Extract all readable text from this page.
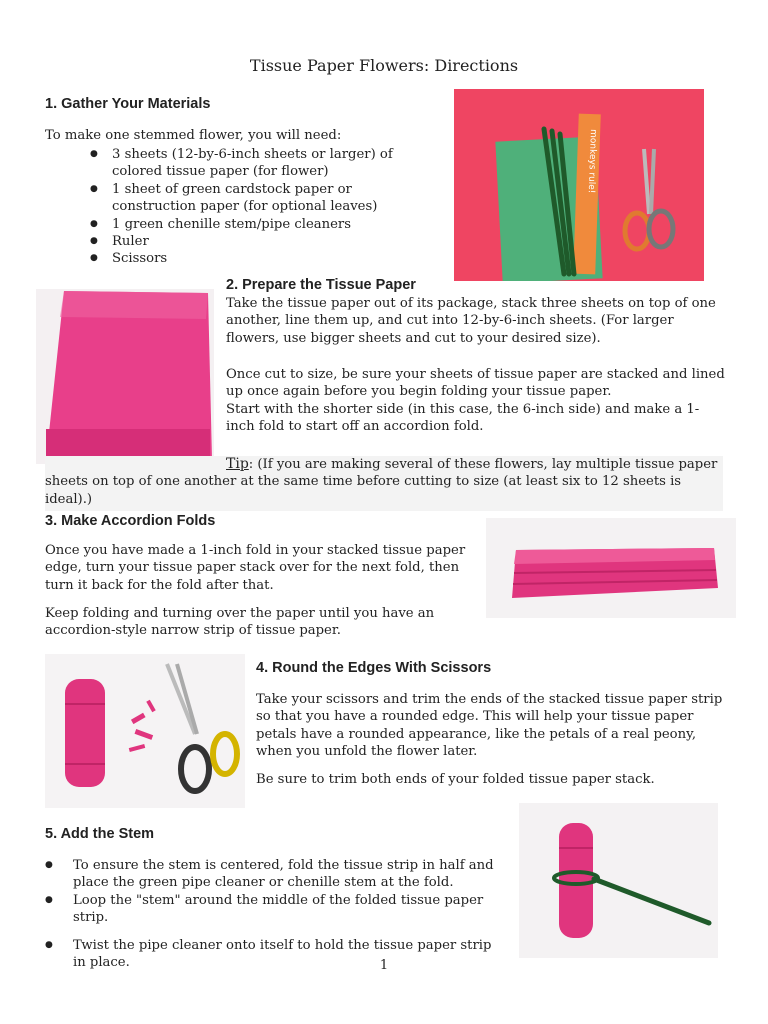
Tissue Paper Flowers: Directions
1. Gather Your Materials
To make one stemmed flower, you will need:
● 3 sheets (12-by-6-inch sheets or larger) of colored tissue paper (for flower)
● 1 sheet of green cardstock paper or construction paper (for optional leaves)
● 1 green chenille stem/pipe cleaners
● Ruler
● Scissors
monkeys rule!
2. Prepare the Tissue Paper
Take the tissue paper out of its package, stack three sheets on top of one another, line them up, and cut into 12-by-6-inch sheets. (For larger flowers, use bigger sheets and cut to your desired size).
Once cut to size, be sure your sheets of tissue paper are stacked and lined up once again before you begin folding your tissue paper.
Start with the shorter side (in this case, the 6-inch side) and make a 1-inch fold to start off an accordion fold.
Tip: (If you are making several of these flowers, lay multiple tissue paper sheets on top of one another at the same time before cutting to size (at least six to 12 sheets is ideal).)
3. Make Accordion Folds
Once you have made a 1-inch fold in your stacked tissue paper edge, turn your tissue paper stack over for the next fold, then turn it back for the fold after that.
Keep folding and turning over the paper until you have an accordion-style narrow strip of tissue paper.
4. Round the Edges With Scissors
Take your scissors and trim the ends of the stacked tissue paper strip so that you have a rounded edge. This will help your tissue paper petals have a rounded appearance, like the petals of a real peony, when you unfold the flower later.
Be sure to trim both ends of your folded tissue paper stack.
5. Add the Stem
● To ensure the stem is centered, fold the tissue strip in half and place the green pipe cleaner or chenille stem at the fold.
● Loop the "stem" around the middle of the folded tissue paper strip.
● Twist the pipe cleaner onto itself to hold the tissue paper strip in place.	1
